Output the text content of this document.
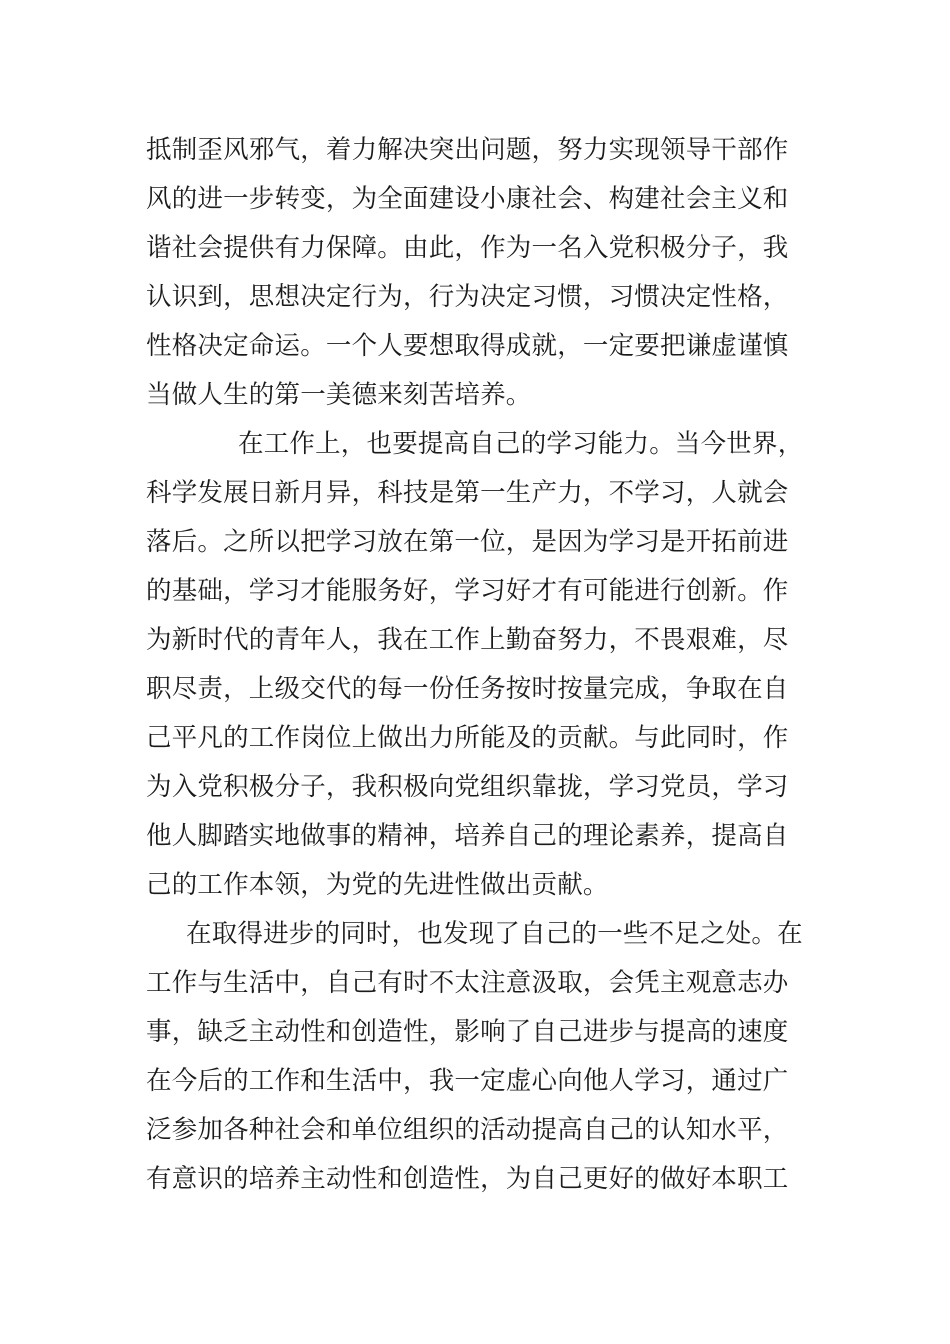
抵制歪风邪气，着力解决突出问题，努力实现领导干部作
风的进一步转变，为全面建设小康社会、构建社会主义和
谐社会提供有力保障。由此，作为一名入党积极分子，我
认识到，思想决定行为，行为决定习惯，习惯决定性格，
性格决定命运。一个人要想取得成就，一定要把谦虚谨慎
当做人生的第一美德来刻苦培养。
在工作上，也要提高自己的学习能力。当今世界，
科学发展日新月异，科技是第一生产力，不学习，人就会
落后。之所以把学习放在第一位，是因为学习是开拓前进
的基础，学习才能服务好，学习好才有可能进行创新。作
为新时代的青年人，我在工作上勤奋努力，不畏艰难，尽
职尽责，上级交代的每一份任务按时按量完成，争取在自
己平凡的工作岗位上做出力所能及的贡献。与此同时，作
为入党积极分子，我积极向党组织靠拢，学习党员，学习
他人脚踏实地做事的精神，培养自己的理论素养，提高自
己的工作本领，为党的先进性做出贡献。
在取得进步的同时，也发现了自己的一些不足之处。在
工作与生活中，自己有时不太注意汲取，会凭主观意志办
事，缺乏主动性和创造性，影响了自己进步与提高的速度
在今后的工作和生活中，我一定虚心向他人学习，通过广
泛参加各种社会和单位组织的活动提高自己的认知水平，
有意识的培养主动性和创造性，为自己更好的做好本职工
